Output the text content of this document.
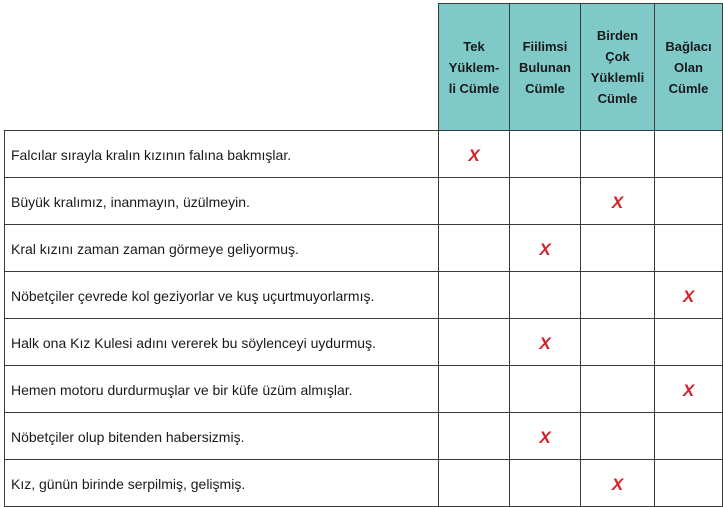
	Tek
Yüklem-
li Cümle	Fiilimsi
Bulunan
Cümle	Birden
Çok
Yüklemli
Cümle	Bağlacı
Olan
Cümle

Falcılar sırayla kralın kızının falına bakmışlar.	X			
Büyük kralımız, inanmayın, üzülmeyin.			X	
Kral kızını zaman zaman görmeye geliyormuş.		X		
Nöbetçiler çevrede kol geziyorlar ve kuş uçurtmuyorlarmış.				X
Halk ona Kız Kulesi adını vererek bu söylenceyi uydurmuş.		X		
Hemen motoru durdurmuşlar ve bir küfe üzüm almışlar.				X
Nöbetçiler olup bitenden habersizmiş.		X		
Kız, günün birinde serpilmiş, gelişmiş.			X	
